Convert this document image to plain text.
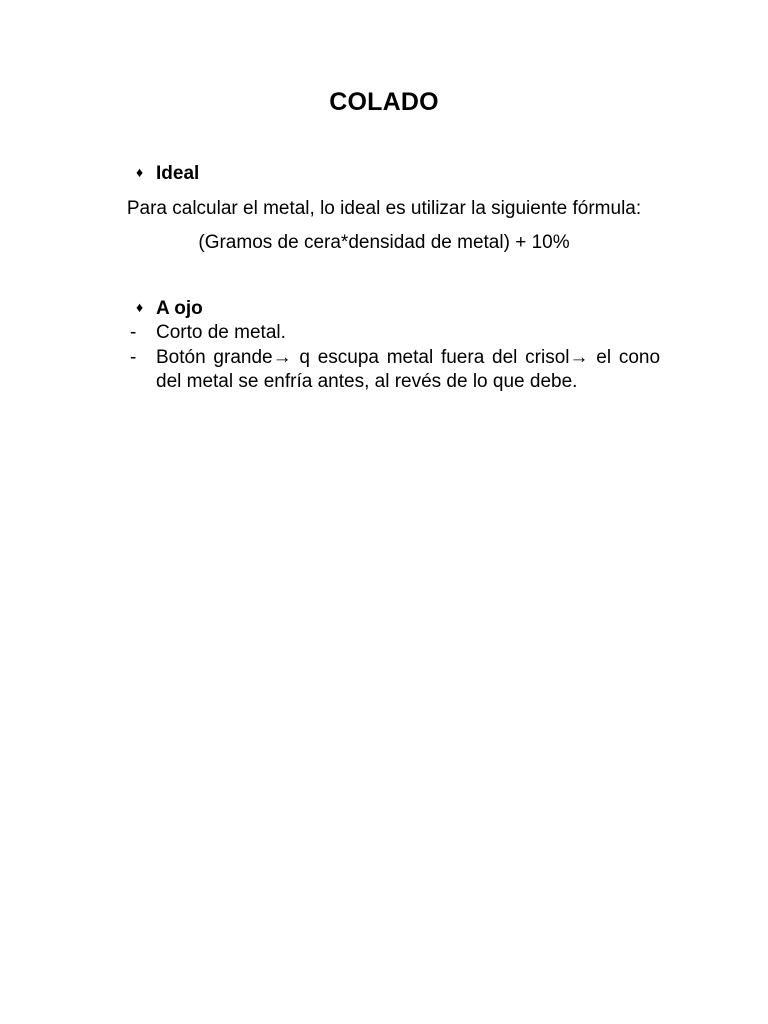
COLADO
♦ Ideal
Para calcular el metal, lo ideal es utilizar la siguiente fórmula:
(Gramos de cera*densidad de metal) + 10%
♦ A ojo
- Corto de metal.
- Botón grande→ q escupa metal fuera del crisol→ el cono del metal se enfría antes, al revés de lo que debe.
